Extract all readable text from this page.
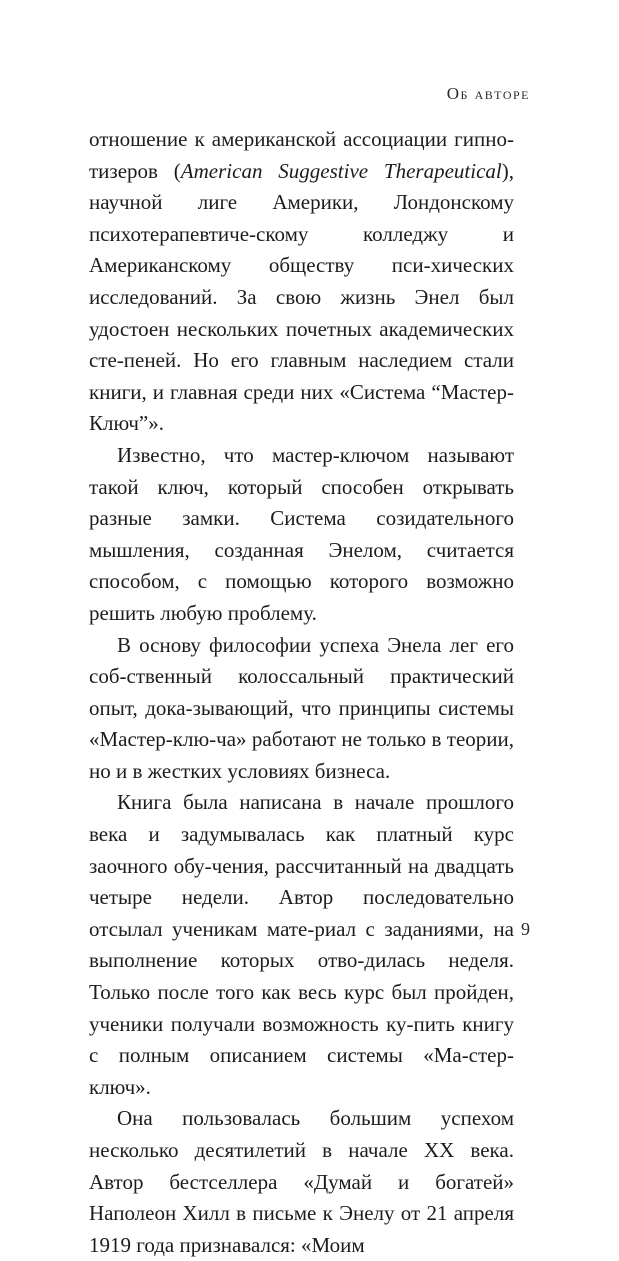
Об авторе

отношение к американской ассоциации гипно-тизеров (American Suggestive Therapeutical), научной лиге Америки, Лондонскому психотерапевтиче-скому колледжу и Американскому обществу пси-хических исследований. За свою жизнь Энел был удостоен нескольких почетных академических сте-пеней. Но его главным наследием стали книги, и главная среди них «Система “Мастер-Ключ”».

Известно, что мастер-ключом называют такой ключ, который способен открывать разные замки. Система созидательного мышления, созданная Энелом, считается способом, с помощью которого возможно решить любую проблему.

В основу философии успеха Энела лег его соб-ственный колоссальный практический опыт, дока-зывающий, что принципы системы «Мастер-клю-ча» работают не только в теории, но и в жестких условиях бизнеса.

Книга была написана в начале прошлого века и задумывалась как платный курс заочного обу-чения, рассчитанный на двадцать четыре недели. Автор последовательно отсылал ученикам мате-риал с заданиями, на выполнение которых отво-дилась неделя. Только после того как весь курс был пройден, ученики получали возможность ку-пить книгу с полным описанием системы «Ма-стер-ключ».

Она пользовалась большим успехом несколько десятилетий в начале XX века. Автор бестселлера «Думай и богатей» Наполеон Хилл в письме к Энелу от 21 апреля 1919 года признавался: «Моим

9
